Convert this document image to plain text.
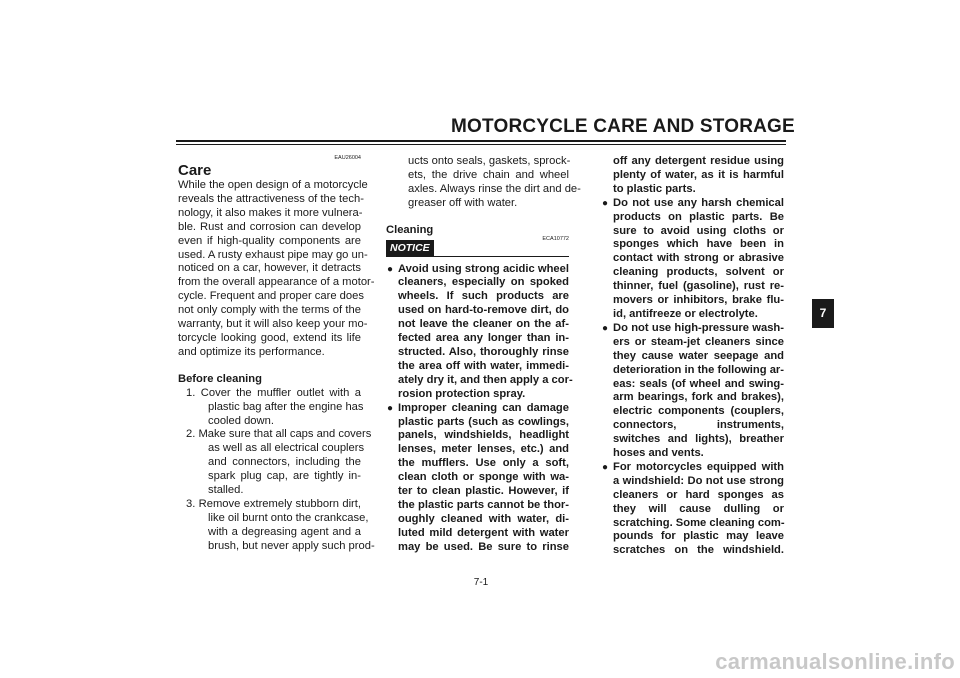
MOTORCYCLE CARE AND STORAGE
EAU26004
Care
While the open design of a motorcycle
reveals the attractiveness of the tech-
nology, it also makes it more vulnera-
ble. Rust and corrosion can develop
even if high-quality components are
used. A rusty exhaust pipe may go un-
noticed on a car, however, it detracts
from the overall appearance of a motor-
cycle. Frequent and proper care does
not only comply with the terms of the
warranty, but it will also keep your mo-
torcycle looking good, extend its life
and optimize its performance.
Before cleaning
1. Cover the muffler outlet with a
plastic bag after the engine has
cooled down.
2. Make sure that all caps and covers
as well as all electrical couplers
and connectors, including the
spark plug cap, are tightly in-
stalled.
3. Remove extremely stubborn dirt,
like oil burnt onto the crankcase,
with a degreasing agent and a
brush, but never apply such prod-
ucts onto seals, gaskets, sprock-
ets, the drive chain and wheel
axles. Always rinse the dirt and de-
greaser off with water.
Cleaning
NOTICE
ECA10772
● Avoid using strong acidic wheel
cleaners, especially on spoked
wheels. If such products are
used on hard-to-remove dirt, do
not leave the cleaner on the af-
fected area any longer than in-
structed. Also, thoroughly rinse
the area off with water, immedi-
ately dry it, and then apply a cor-
rosion protection spray.
● Improper cleaning can damage
plastic parts (such as cowlings,
panels, windshields, headlight
lenses, meter lenses, etc.) and
the mufflers. Use only a soft,
clean cloth or sponge with wa-
ter to clean plastic. However, if
the plastic parts cannot be thor-
oughly cleaned with water, di-
luted mild detergent with water
may be used. Be sure to rinse
off any detergent residue using
plenty of water, as it is harmful
to plastic parts.
● Do not use any harsh chemical
products on plastic parts. Be
sure to avoid using cloths or
sponges which have been in
contact with strong or abrasive
cleaning products, solvent or
thinner, fuel (gasoline), rust re-
movers or inhibitors, brake flu-
id, antifreeze or electrolyte.
● Do not use high-pressure wash-
ers or steam-jet cleaners since
they cause water seepage and
deterioration in the following ar-
eas: seals (of wheel and swing-
arm bearings, fork and brakes),
electric components (couplers,
connectors, instruments,
switches and lights), breather
hoses and vents.
● For motorcycles equipped with
a windshield: Do not use strong
cleaners or hard sponges as
they will cause dulling or
scratching. Some cleaning com-
pounds for plastic may leave
scratches on the windshield.
7-1
7
carmanualsonline.info
